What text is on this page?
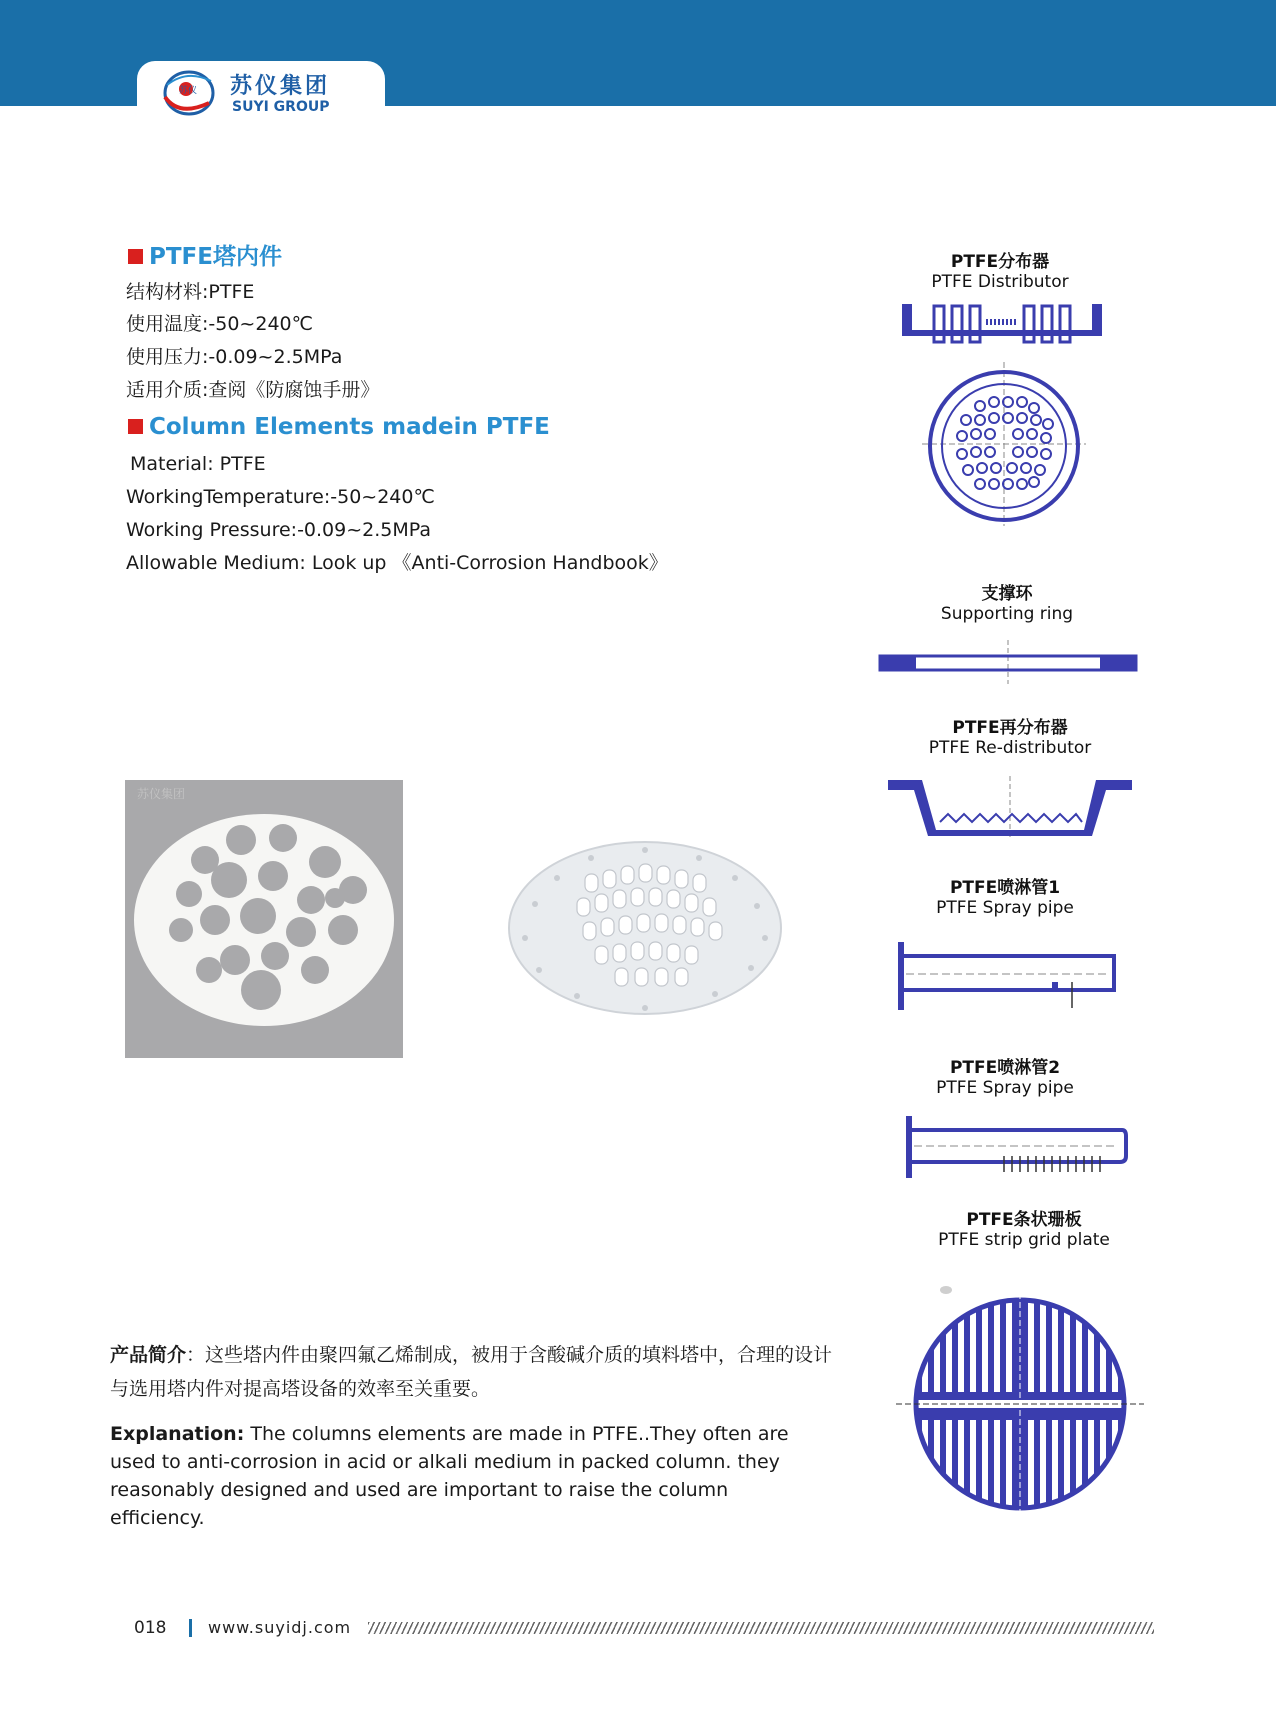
苏仪 苏仪集团
SUYI GROUP
PTFE塔内件
结构材料:PTFE
使用温度:-50~240℃
使用压力:-0.09~2.5MPa
适用介质:查阅《防腐蚀手册》
Column Elements madein PTFE
Material: PTFE
WorkingTemperature:-50~240℃
Working Pressure:-0.09~2.5MPa
Allowable Medium: Look up 《Anti-Corrosion Handbook》
苏仪集团
PTFE分布器
PTFE Distributor
支撑环
Supporting ring
PTFE再分布器
PTFE Re-distributor
PTFE喷淋管1
PTFE Spray pipe
PTFE喷淋管2
PTFE Spray pipe
PTFE条状珊板
PTFE strip grid plate
产品简介：这些塔内件由聚四氟乙烯制成，被用于含酸碱介质的填料塔中，合理的设计与选用塔内件对提高塔设备的效率至关重要。
Explanation: The columns elements are made in PTFE..They often are used to anti-corrosion in acid or alkali medium in packed column. they reasonably designed and used are important to raise the column efficiency.
018	www.suyidj.com
